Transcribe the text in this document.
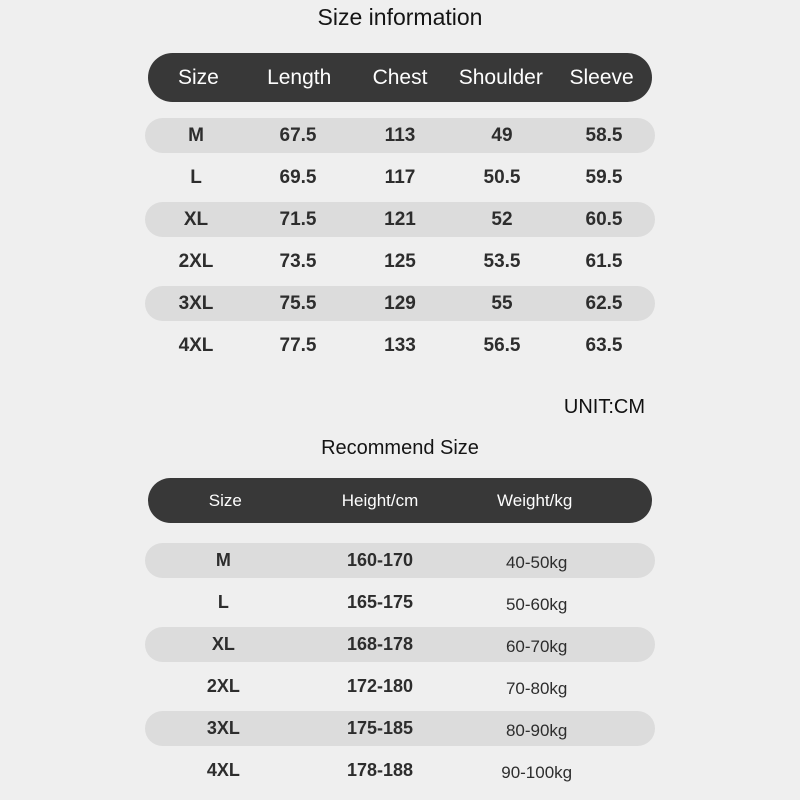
Size information
Size	Length	Chest	Shoulder	Sleeve
M	67.5	113	49	58.5
L	69.5	117	50.5	59.5
XL	71.5	121	52	60.5
2XL	73.5	125	53.5	61.5
3XL	75.5	129	55	62.5
4XL	77.5	133	56.5	63.5
UNIT:CM
Recommend Size
Size	Height/cm	Weight/kg
M	160-170	40-50kg
L	165-175	50-60kg
XL	168-178	60-70kg
2XL	172-180	70-80kg
3XL	175-185	80-90kg
4XL	178-188	90-100kg
